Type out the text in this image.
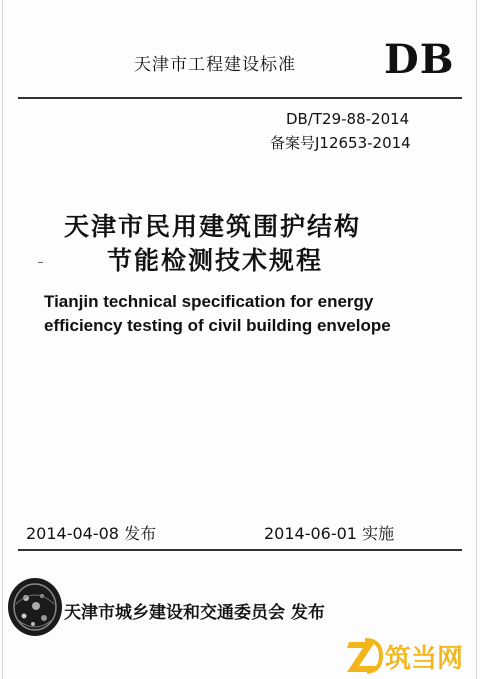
天津市工程建设标准 DB
DB/T29-88-2014
备案号J12653-2014
天津市民用建筑围护结构
节能检测技术规程
Tianjin technical specification for energy
efficiency testing of civil building envelope
2014-04-08 发布	2014-06-01 实施
天津市城乡建设和交通委员会 发布
筑当网
